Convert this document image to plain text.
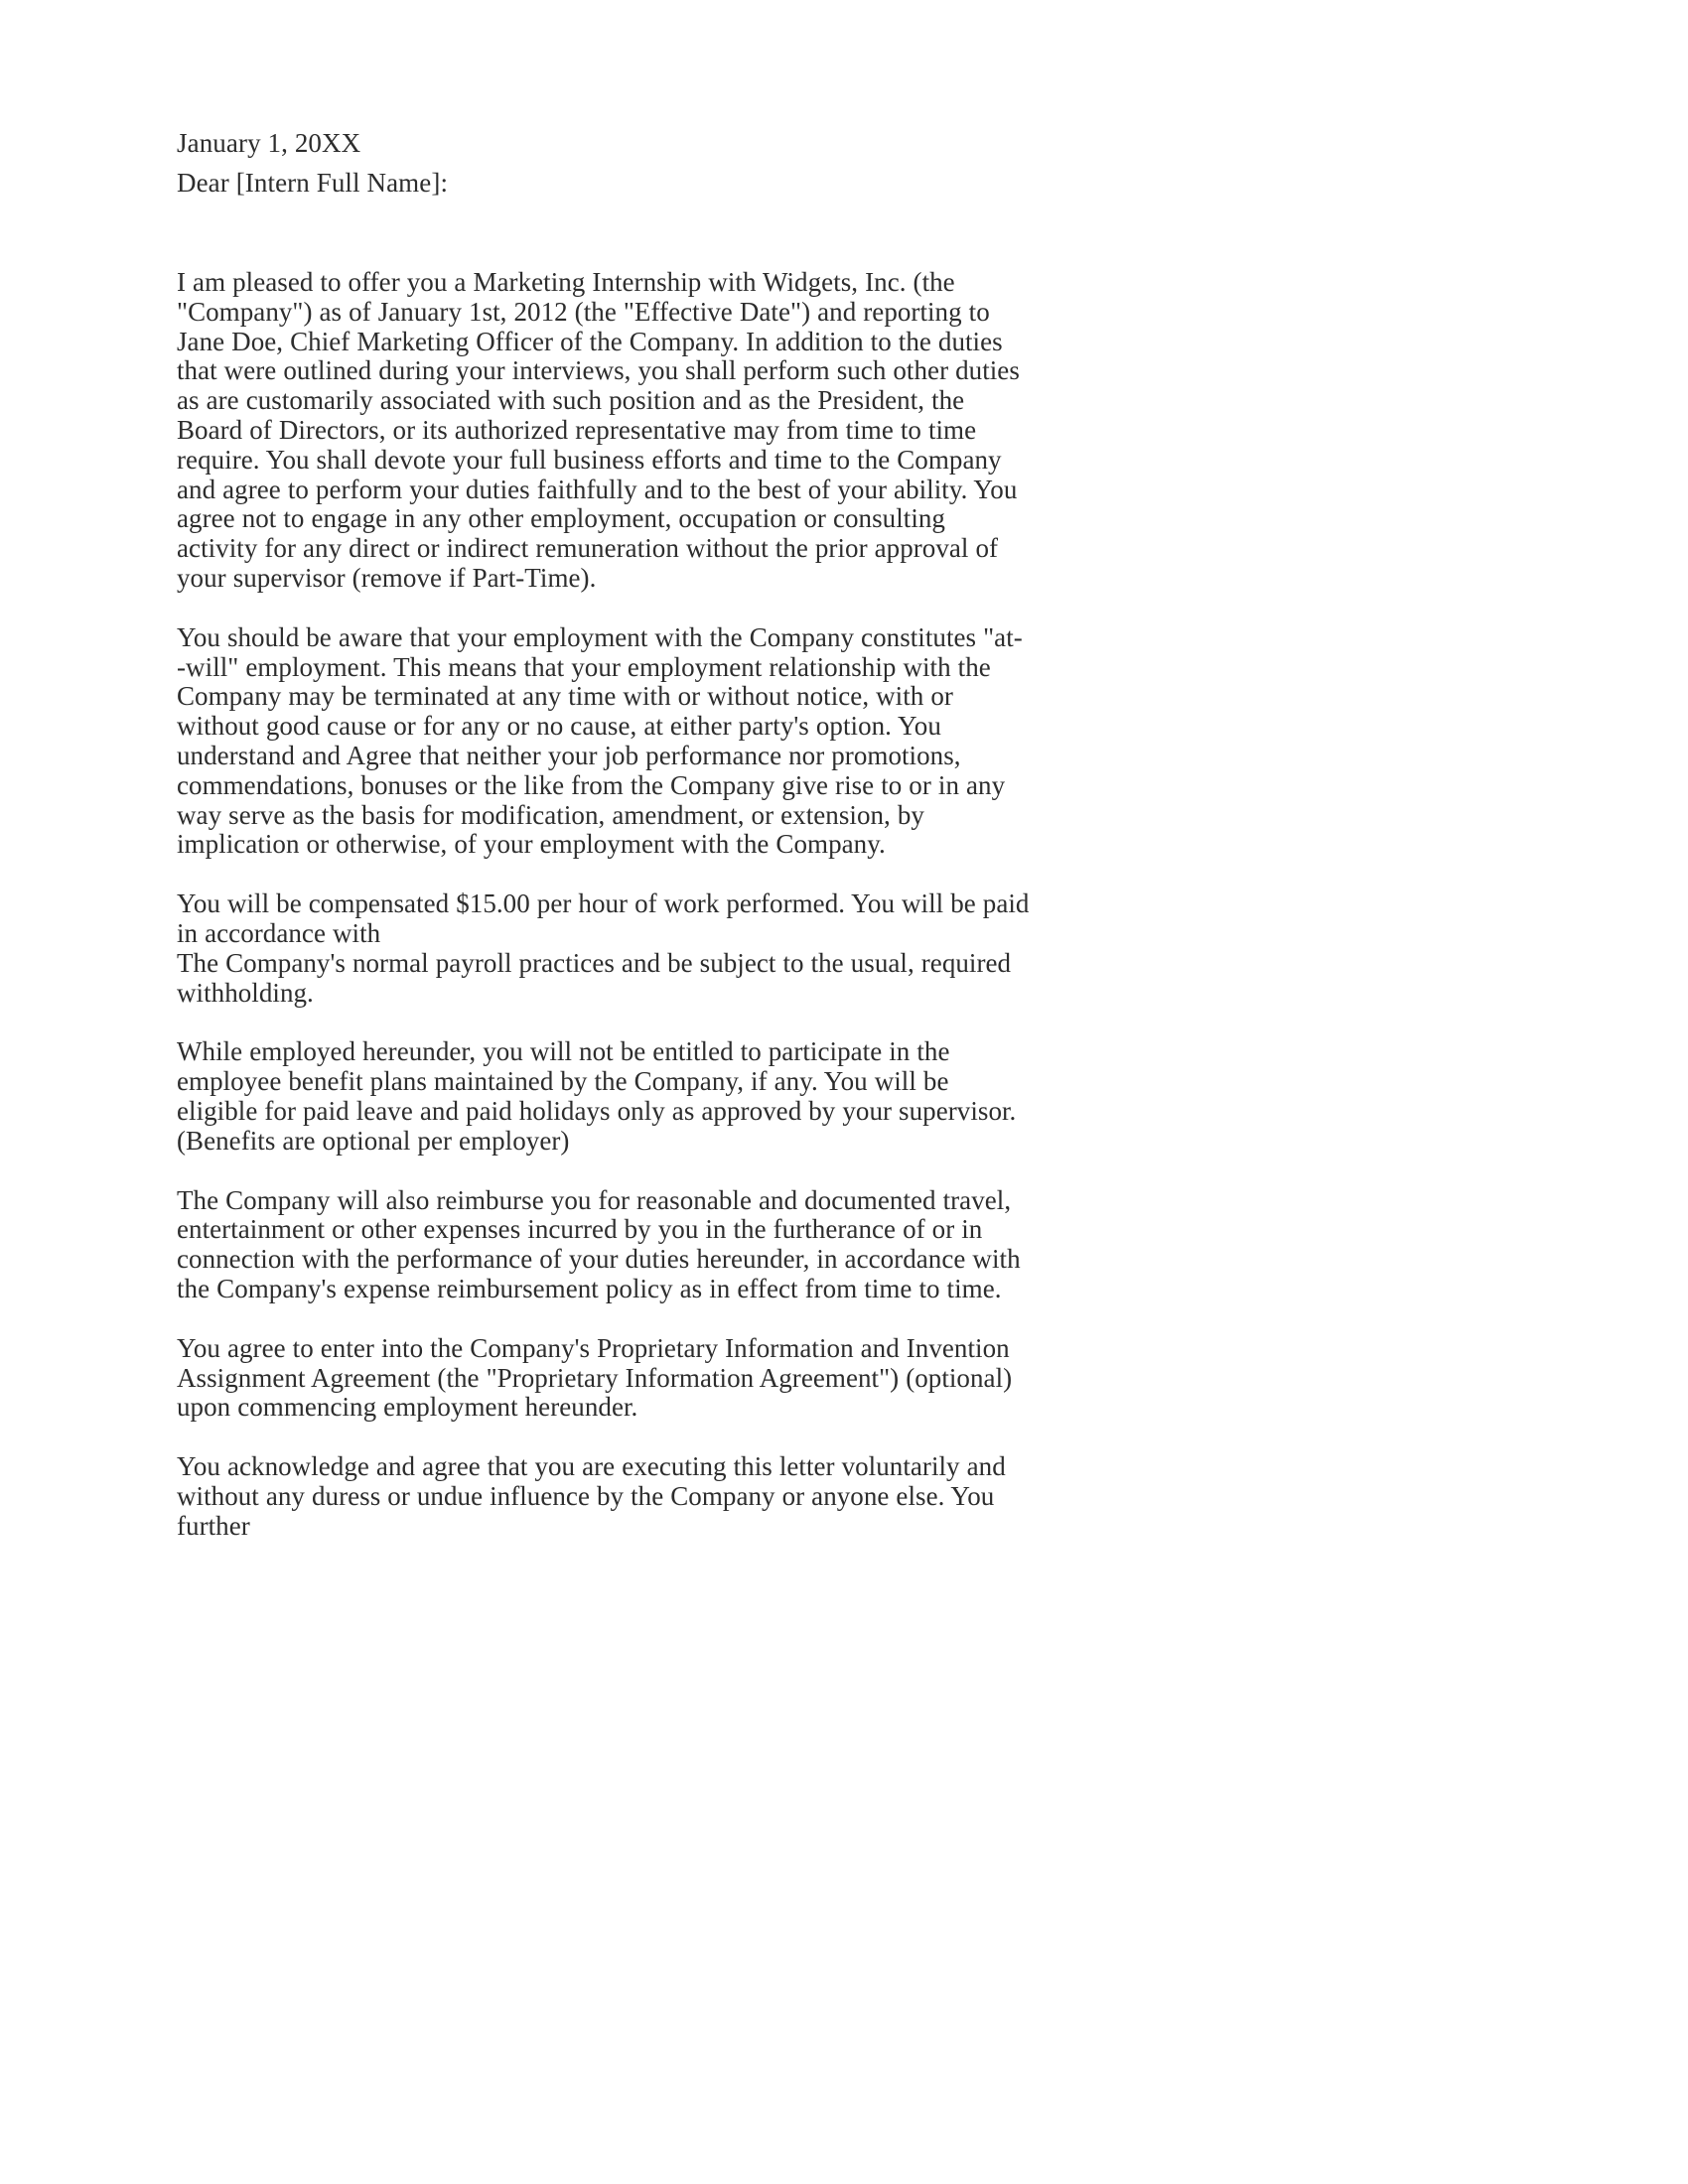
January 1, 20XX
Dear [Intern Full Name]:

I am pleased to offer you a Marketing Internship with Widgets, Inc. (the "Company") as of January 1st, 2012 (the "Effective Date") and reporting to Jane Doe, Chief Marketing Officer of the Company. In addition to the duties that were outlined during your interviews, you shall perform such other duties as are customarily associated with such position and as the President, the Board of Directors, or its authorized representative may from time to time require. You shall devote your full business efforts and time to the Company and agree to perform your duties faithfully and to the best of your ability. You agree not to engage in any other employment, occupation or consulting activity for any direct or indirect remuneration without the prior approval of your supervisor (remove if Part-Time).

You should be aware that your employment with the Company constitutes "at--will" employment. This means that your employment relationship with the Company may be terminated at any time with or without notice, with or without good cause or for any or no cause, at either party's option. You understand and Agree that neither your job performance nor promotions, commendations, bonuses or the like from the Company give rise to or in any way serve as the basis for modification, amendment, or extension, by implication or otherwise, of your employment with the Company.

You will be compensated $15.00 per hour of work performed. You will be paid in accordance with
The Company's normal payroll practices and be subject to the usual, required withholding.

While employed hereunder, you will not be entitled to participate in the employee benefit plans maintained by the Company, if any. You will be eligible for paid leave and paid holidays only as approved by your supervisor. (Benefits are optional per employer)

The Company will also reimburse you for reasonable and documented travel, entertainment or other expenses incurred by you in the furtherance of or in connection with the performance of your duties hereunder, in accordance with the Company's expense reimbursement policy as in effect from time to time.

You agree to enter into the Company's Proprietary Information and Invention Assignment Agreement (the "Proprietary Information Agreement") (optional) upon commencing employment hereunder.

You acknowledge and agree that you are executing this letter voluntarily and without any duress or undue influence by the Company or anyone else. You further
